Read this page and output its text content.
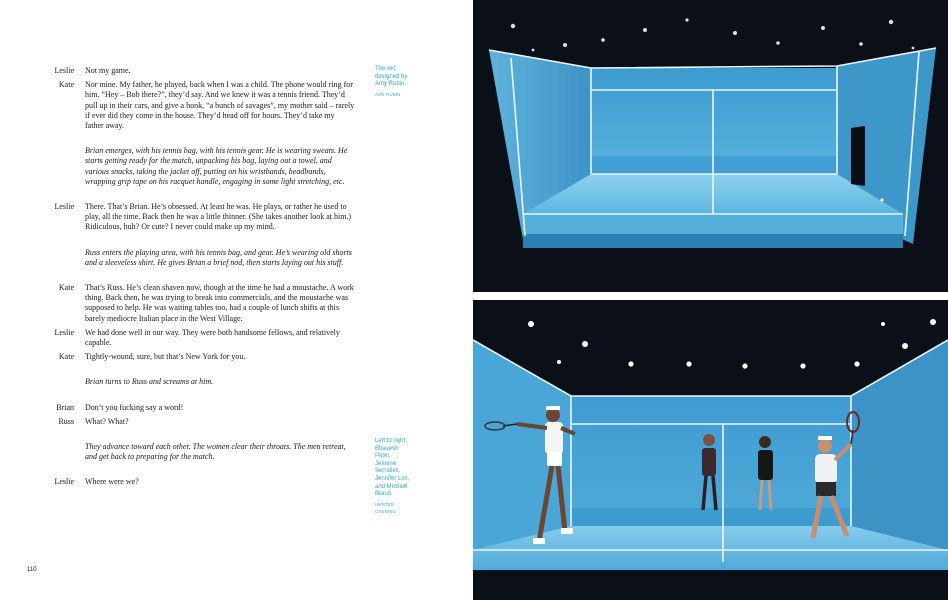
Leslie Not my game.
Kate Nor mine. My father, he played, back when I was a child. The phone would ring for him. “Hey – Bob there?”, they’d say. And we knew it was a tennis friend. They’d pull up in their cars, and give a honk, “a bunch of savages”, my mother said – rarely if ever did they come in the house. They’d head off for hours. They’d take my father away.
Brian emerges, with his tennis bag, with his tennis gear. He is wearing sweats. He starts getting ready for the match, unpacking his bag, laying out a towel, and various snacks, taking the jacket off, putting on his wristbands, headbands, wrapping grip tape on his racquet handle, engaging in some light stretching, etc.
Leslie There. That’s Brian. He’s obsessed. At least he was. He plays, or rather he used to play, all the time. Back then he was a little thinner. (She takes another look at him.) Ridiculous, huh? Or cute? I never could make up my mind.
Russ enters the playing area, with his tennis bag, and gear. He’s wearing old shorts and a sleeveless shirt. He gives Brian a brief nod, then starts laying out his stuff.
Kate That’s Russ. He’s clean shaven now, though at the time he had a moustache. A work thing. Back then, he was trying to break into commercials, and the moustache was supposed to help. He was waiting tables too, had a couple of lunch shifts at this barely mediocre Italian place in the West Village.
Leslie We had done well in our way. They were both handsome fellows, and relatively capable.
Kate Tightly-wound, sure, but that’s New York for you.
Brian turns to Russ and screams at him.
Brian Don’t you fucking say a word!
Russ What? What?
They advance toward each other. The women clear their throats. The men retreat, and get back to preparing for the match.
Leslie Where were we?
The set, designed by Amy Rubin.
AMY RUBIN
Left to right: Bhavesh Patel, Jeanine Serralles, Jennifer Lim, and Michael Braun.
HUNTER CANNING
110
